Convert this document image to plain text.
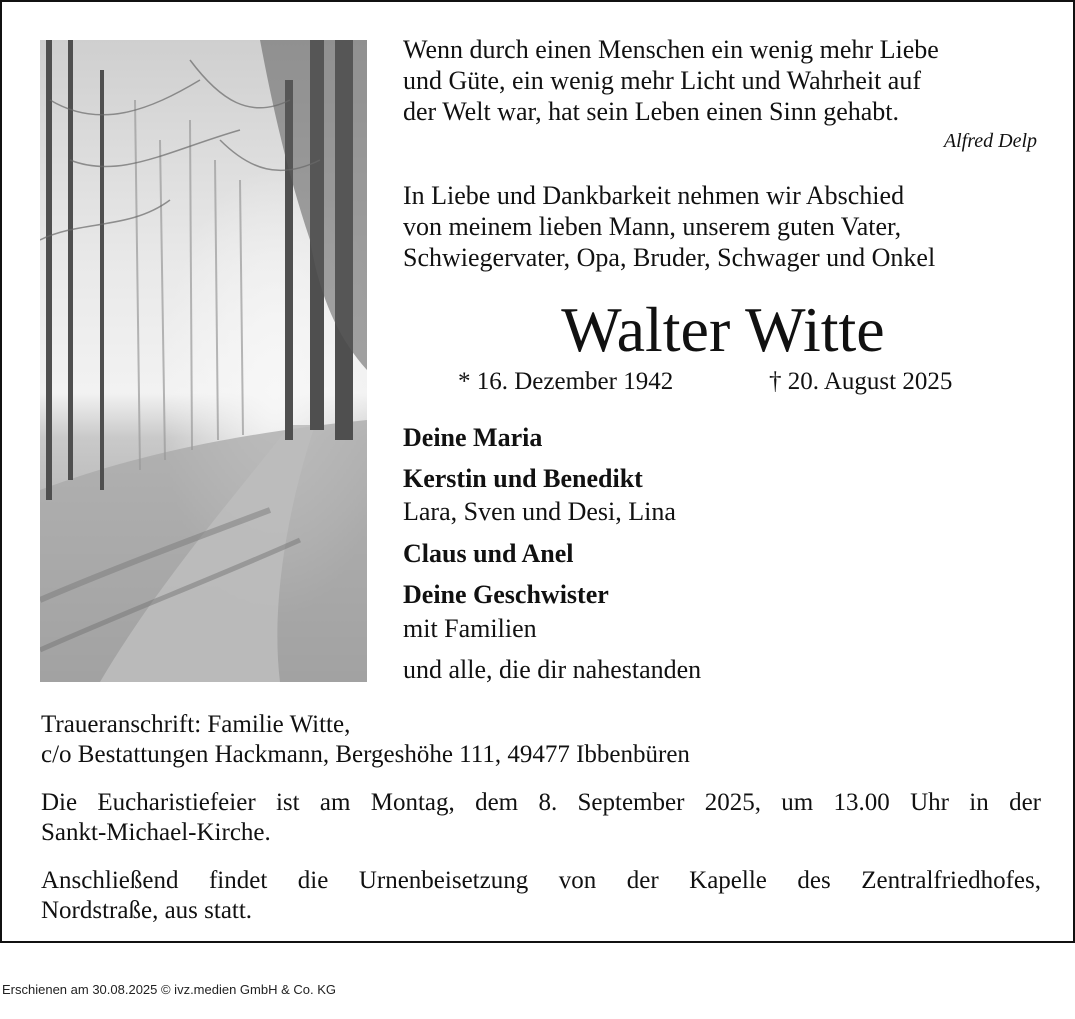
Wenn durch einen Menschen ein wenig mehr Liebe

und Güte, ein wenig mehr Licht und Wahrheit auf

der Welt war, hat sein Leben einen Sinn gehabt.

Alfred Delp

In Liebe und Dankbarkeit nehmen wir Abschied

von meinem lieben Mann, unserem guten Vater,

Schwiegervater, Opa, Bruder, Schwager und Onkel

Walter Witte
* 16. Dezember 1942	† 20. August 2025
Deine Maria
Kerstin und Benedikt
Lara, Sven und Desi, Lina
Claus und Anel
Deine Geschwister
mit Familien
und alle, die dir nahestanden

Traueranschrift: Familie Witte,

c/o Bestattungen Hackmann, Bergeshöhe 111, 49477 Ibbenbüren

Die Eucharistiefeier ist am Montag, dem 8. September 2025, um 13.00 Uhr in der

Sankt-Michael-Kirche.

Anschließend findet die Urnenbeisetzung von der Kapelle des Zentralfriedhofes,

Nordstraße, aus statt.

Erschienen am 30.08.2025 © ivz.medien GmbH & Co. KG
